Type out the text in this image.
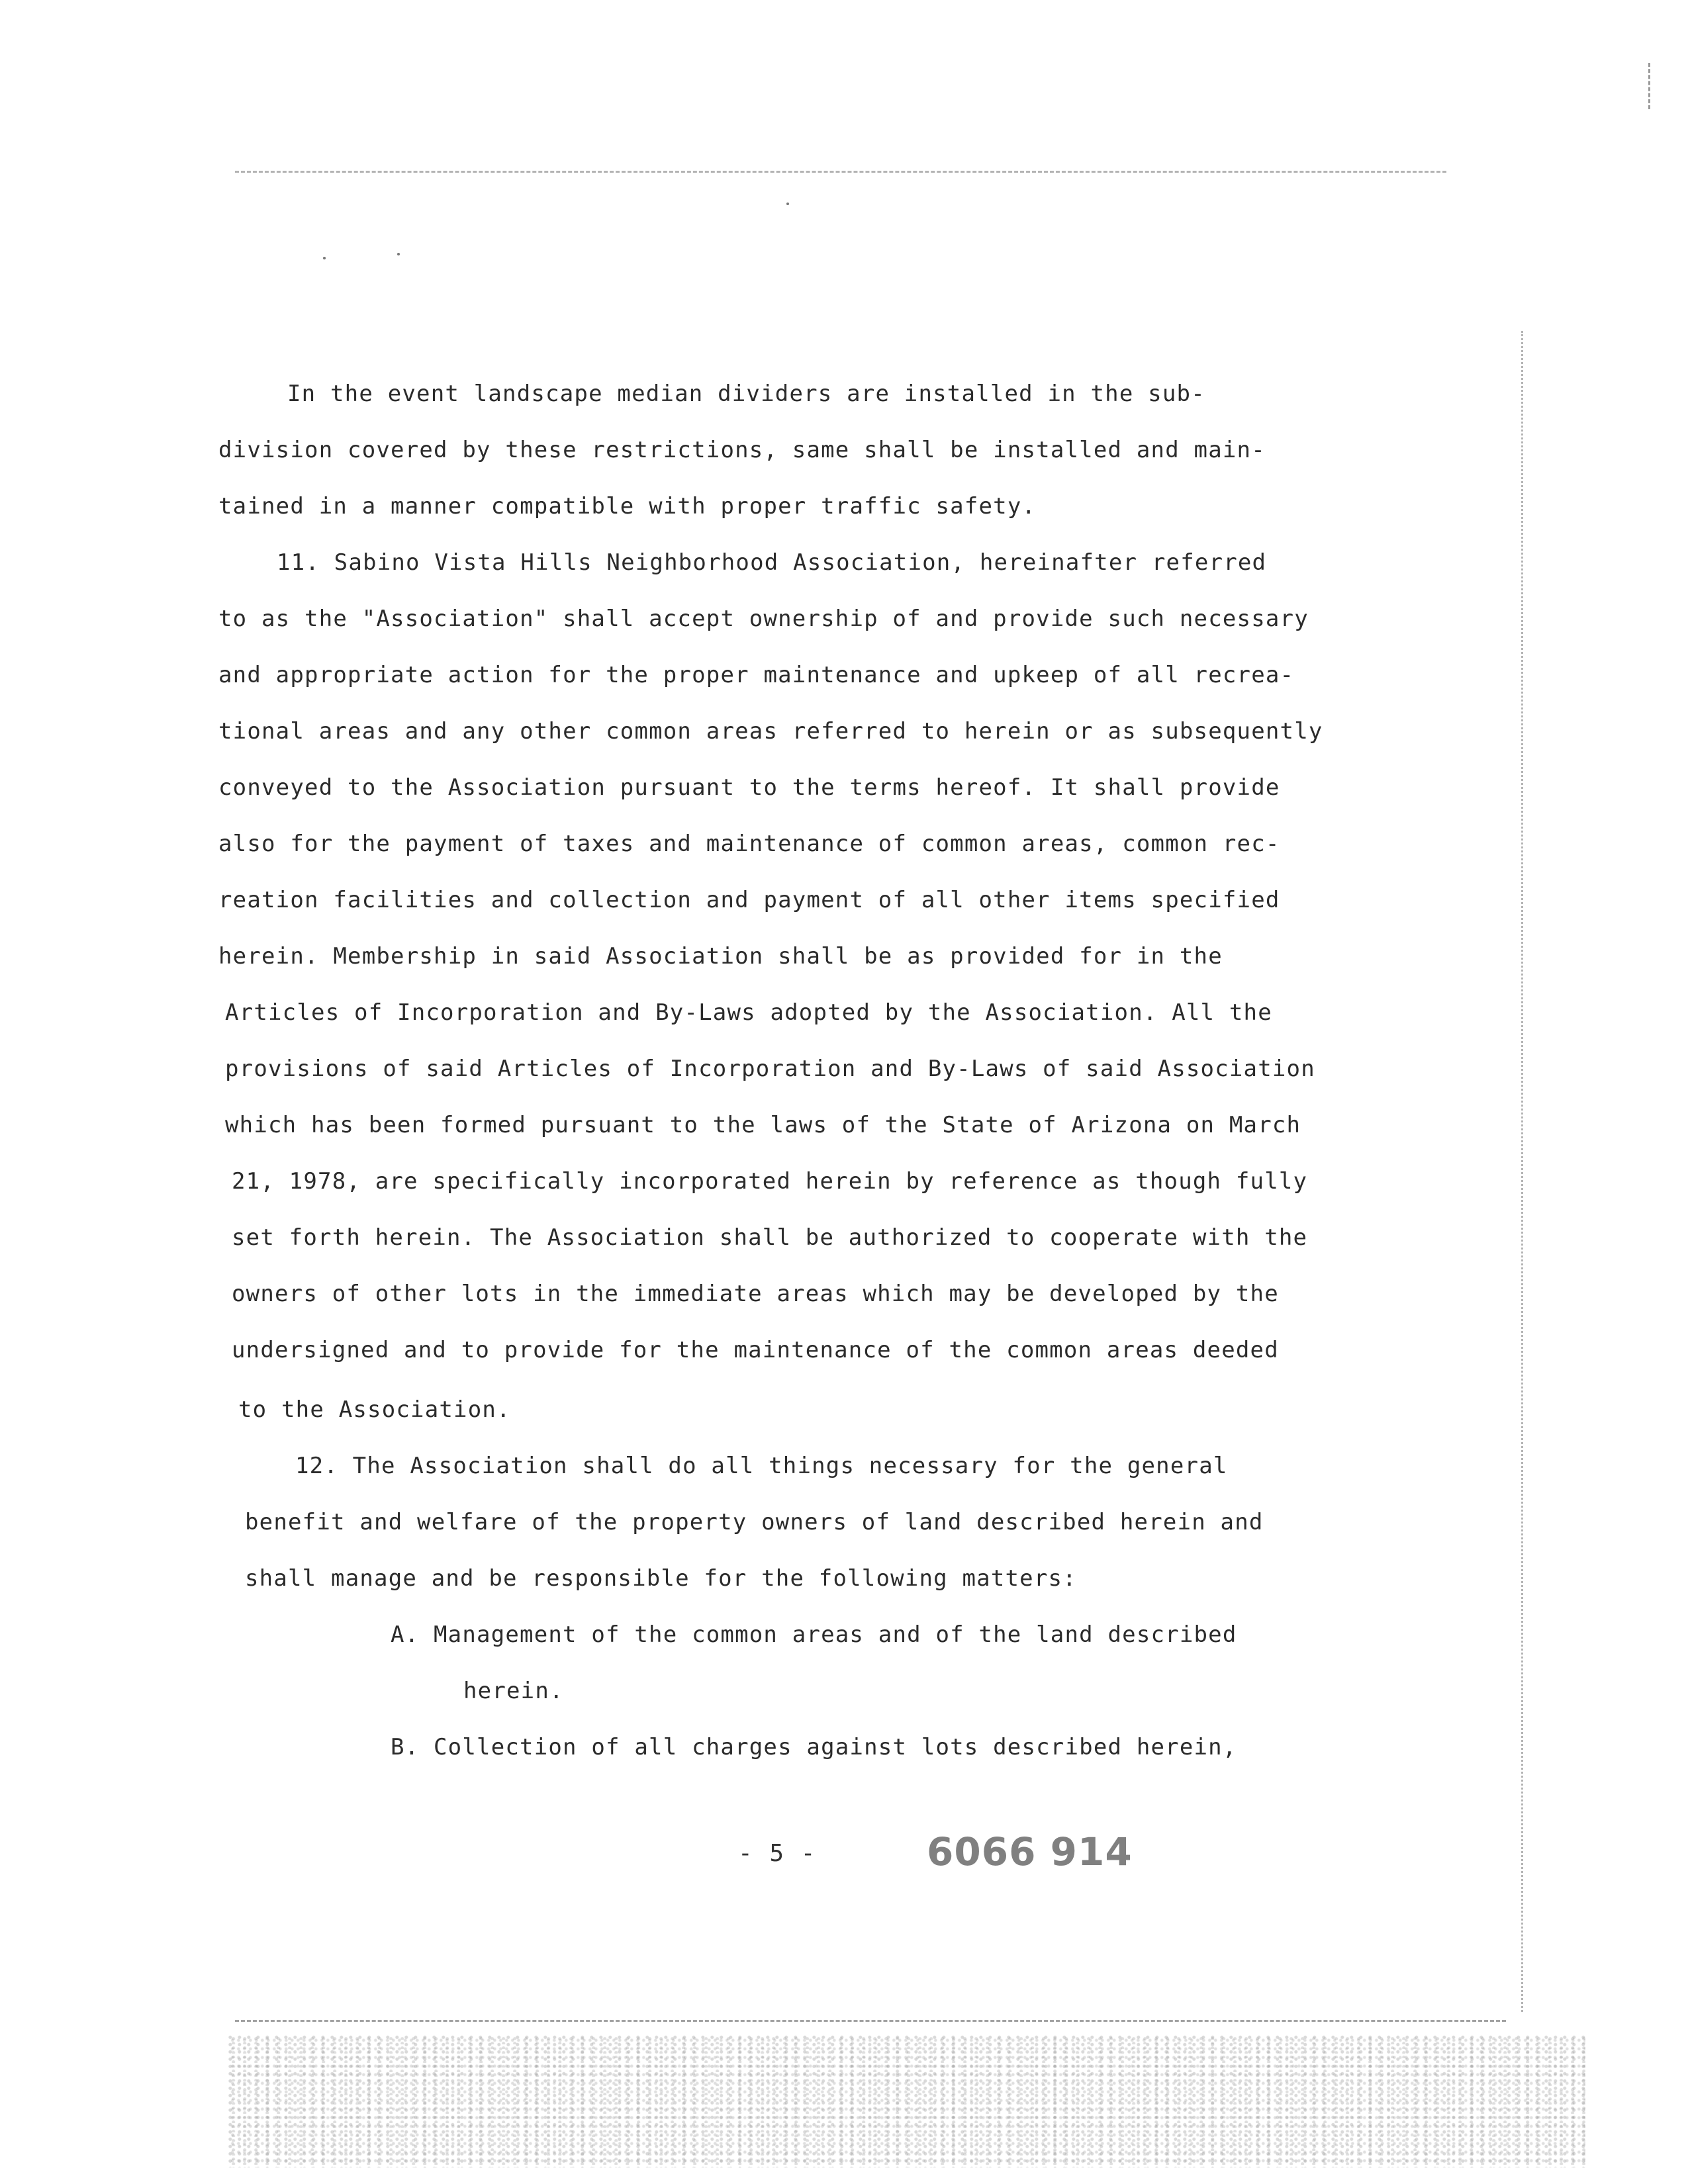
In the event landscape median dividers are installed in the sub-

division covered by these restrictions, same shall be installed and main-

tained in a manner compatible with proper traffic safety.

11. Sabino Vista Hills Neighborhood Association, hereinafter referred

to as the "Association" shall accept ownership of and provide such necessary

and appropriate action for the proper maintenance and upkeep of all recrea-

tional areas and any other common areas referred to herein or as subsequently

conveyed to the Association pursuant to the terms hereof. It shall provide

also for the payment of taxes and maintenance of common areas, common rec-

reation facilities and collection and payment of all other items specified

herein. Membership in said Association shall be as provided for in the

Articles of Incorporation and By-Laws adopted by the Association. All the

provisions of said Articles of Incorporation and By-Laws of said Association

which has been formed pursuant to the laws of the State of Arizona on March

21, 1978, are specifically incorporated herein by reference as though fully

set forth herein. The Association shall be authorized to cooperate with the

owners of other lots in the immediate areas which may be developed by the

undersigned and to provide for the maintenance of the common areas deeded

to the Association.

12. The Association shall do all things necessary for the general

benefit and welfare of the property owners of land described herein and

shall manage and be responsible for the following matters:

A. Management of the common areas and of the land described

herein.

B. Collection of all charges against lots described herein,

- 5 -	6066 914
